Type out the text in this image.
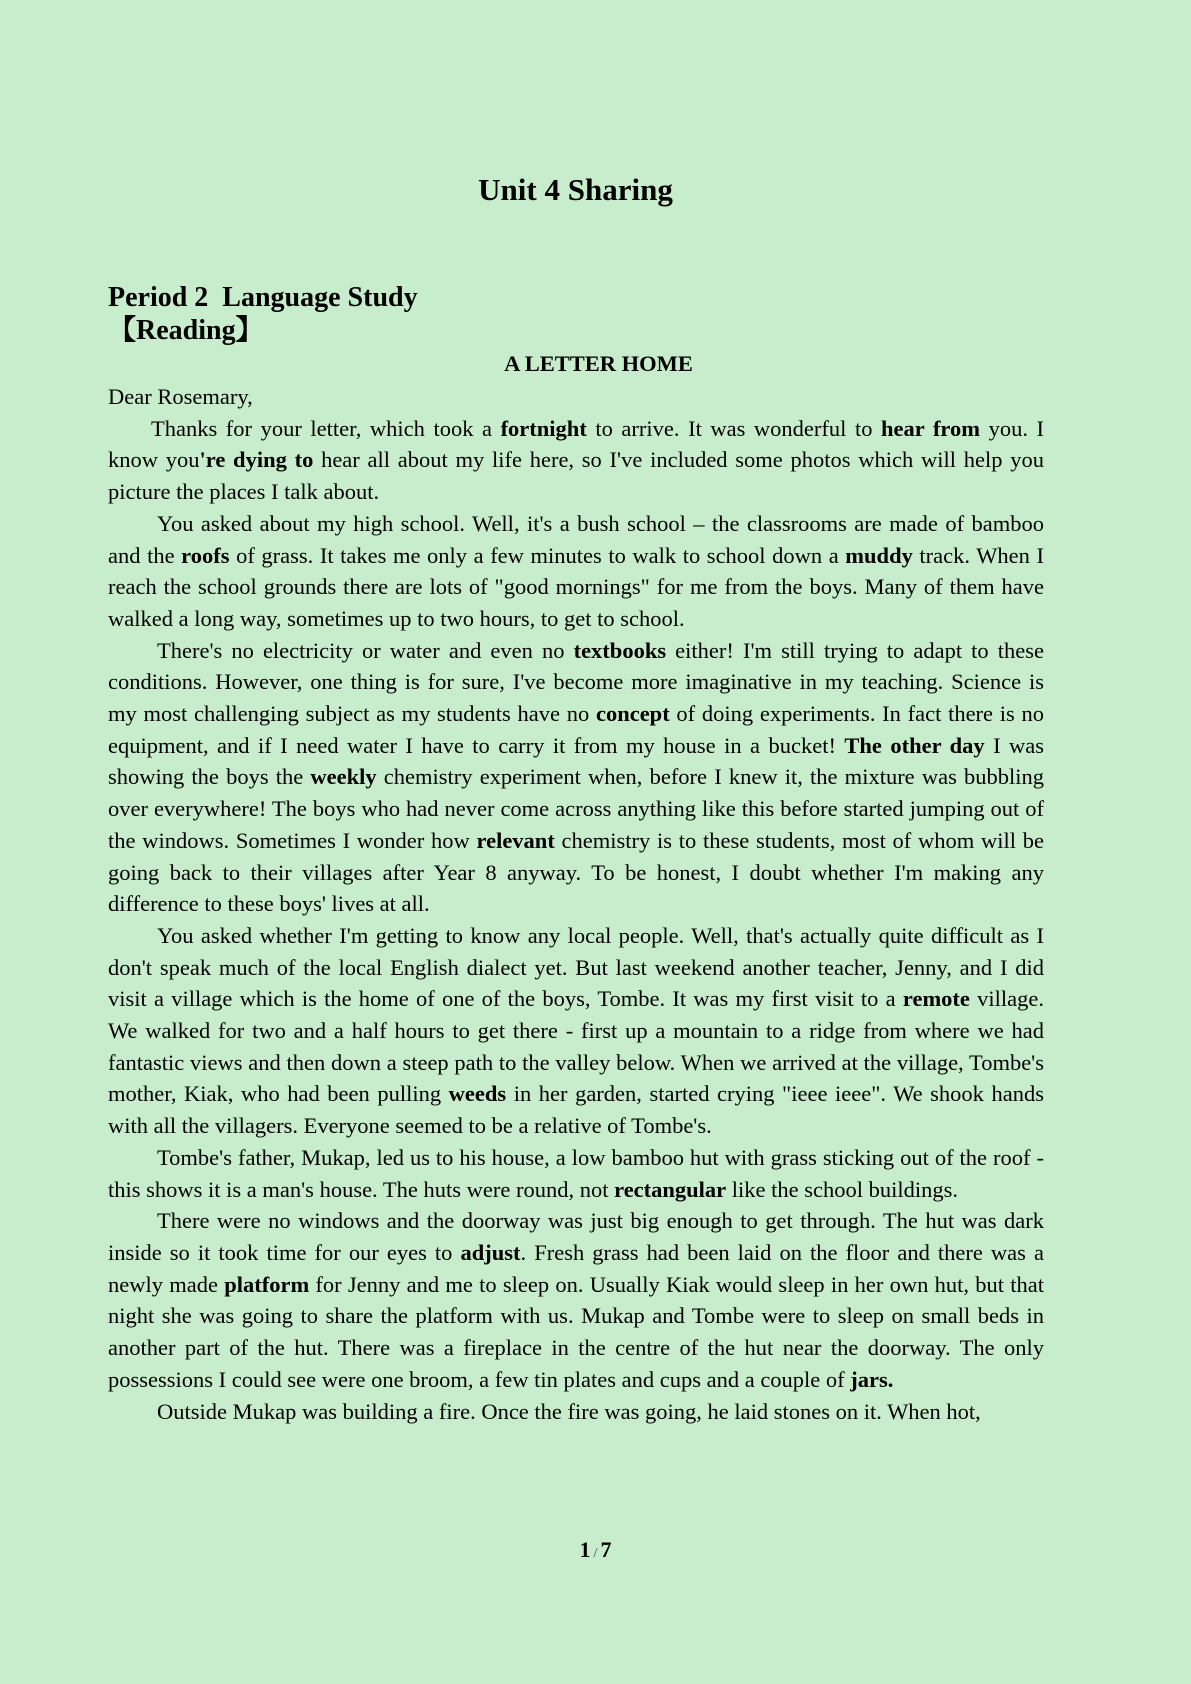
Unit 4 Sharing
Period 2  Language Study
【Reading】
A LETTER HOME

Dear Rosemary,

Thanks for your letter, which took a fortnight to arrive. It was wonderful to hear from you. I know you're dying to hear all about my life here, so I've included some photos which will help you picture the places I talk about.

You asked about my high school. Well, it's a bush school – the classrooms are made of bamboo and the roofs of grass. It takes me only a few minutes to walk to school down a muddy track. When I reach the school grounds there are lots of "good mornings" for me from the boys. Many of them have walked a long way, sometimes up to two hours, to get to school.

There's no electricity or water and even no textbooks either! I'm still trying to adapt to these conditions. However, one thing is for sure, I've become more imaginative in my teaching. Science is my most challenging subject as my students have no concept of doing experiments. In fact there is no equipment, and if I need water I have to carry it from my house in a bucket! The other day I was showing the boys the weekly chemistry experiment when, before I knew it, the mixture was bubbling over everywhere! The boys who had never come across anything like this before started jumping out of the windows. Sometimes I wonder how relevant chemistry is to these students, most of whom will be going back to their villages after Year 8 anyway. To be honest, I doubt whether I'm making any difference to these boys' lives at all.

You asked whether I'm getting to know any local people. Well, that's actually quite difficult as I don't speak much of the local English dialect yet. But last weekend another teacher, Jenny, and I did visit a village which is the home of one of the boys, Tombe. It was my first visit to a remote village. We walked for two and a half hours to get there - first up a mountain to a ridge from where we had fantastic views and then down a steep path to the valley below. When we arrived at the village, Tombe's mother, Kiak, who had been pulling weeds in her garden, started crying "ieee ieee". We shook hands with all the villagers. Everyone seemed to be a relative of Tombe's.

Tombe's father, Mukap, led us to his house, a low bamboo hut with grass sticking out of the roof - this shows it is a man's house. The huts were round, not rectangular like the school buildings.

There were no windows and the doorway was just big enough to get through. The hut was dark inside so it took time for our eyes to adjust. Fresh grass had been laid on the floor and there was a newly made platform for Jenny and me to sleep on. Usually Kiak would sleep in her own hut, but that night she was going to share the platform with us. Mukap and Tombe were to sleep on small beds in another part of the hut. There was a fireplace in the centre of the hut near the doorway. The only possessions I could see were one broom, a few tin plates and cups and a couple of jars.

Outside Mukap was building a fire. Once the fire was going, he laid stones on it. When hot,

1 / 7
